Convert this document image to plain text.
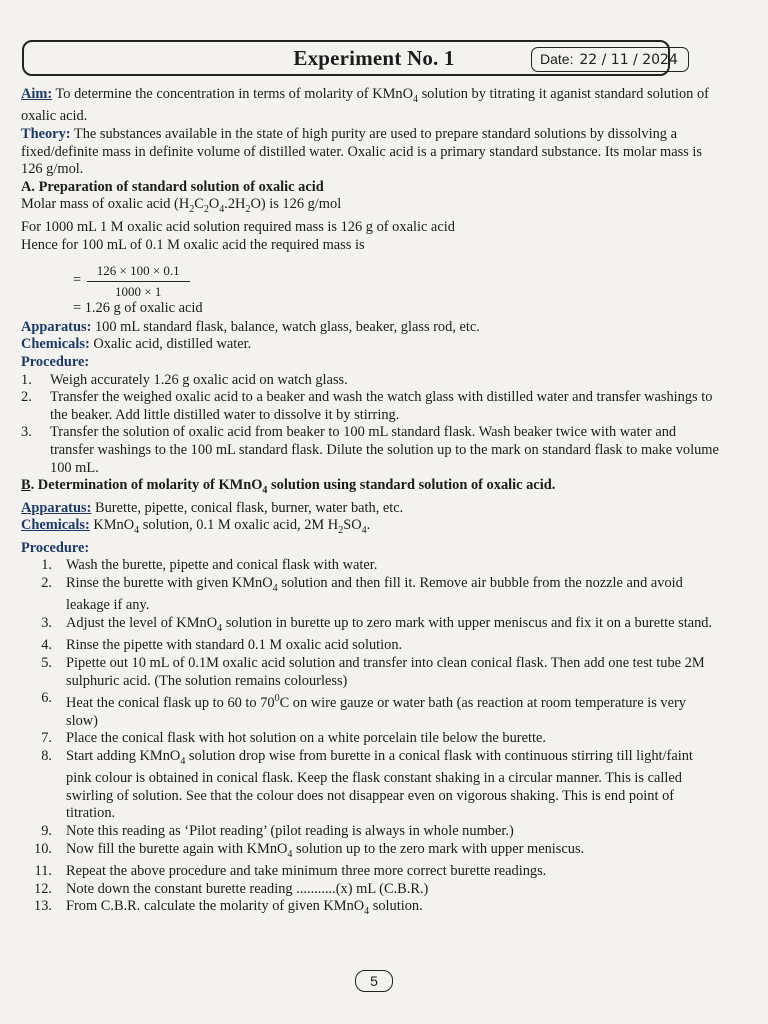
Experiment No. 1	Date: 22 / 11 / 2024

Aim: To determine the concentration in terms of molarity of KMnO$_4$ solution by titrating it aganist standard solution of oxalic acid.

Theory: The substances available in the state of high purity are used to prepare standard solutions by dissolving a fixed/definite mass in definite volume of distilled water. Oxalic acid is a primary standard substance. Its molar mass is 126 g/mol.

A. Preparation of standard solution of oxalic acid

Molar mass of oxalic acid $(H_2C_2O_4.2H_2O)$ is 126 g/mol

For 1000 mL 1 M oxalic acid solution required mass is 126 g of oxalic acid

Hence for 100 mL of 0.1 M oxalic acid the required mass is

= $\frac{126 \times 100 \times 0.1}{1000 \times 1}$

= 1.26 g of oxalic acid

Apparatus: 100 mL standard flask, balance, watch glass, beaker, glass rod, etc.

Chemicals: Oxalic acid, distilled water.

Procedure:

1. Weigh accurately 1.26 g oxalic acid on watch glass.
2. Transfer the weighed oxalic acid to a beaker and wash the watch glass with distilled water and transfer washings to the beaker. Add little distilled water to dissolve it by stirring.
3. Transfer the solution of oxalic acid from beaker to 100 mL standard flask. Wash beaker twice with water and transfer washings to the 100 mL standard flask. Dilute the solution up to the mark on standard flask to make volume 100 mL.

B. Determination of molarity of KMnO$_4$ solution using standard solution of oxalic acid.

Apparatus: Burette, pipette, conical flask, burner, water bath, etc.

Chemicals: KMnO$_4$ solution, 0.1 M oxalic acid, 2M $H_2SO_4$.

Procedure:

1. Wash the burette, pipette and conical flask with water.
2. Rinse the burette with given KMnO$_4$ solution and then fill it. Remove air bubble from the nozzle and avoid leakage if any.
3. Adjust the level of KMnO$_4$ solution in burette up to zero mark with upper meniscus and fix it on a burette stand.
4. Rinse the pipette with standard 0.1 M oxalic acid solution.
5. Pipette out 10 mL of 0.1M oxalic acid solution and transfer into clean conical flask. Then add one test tube 2M sulphuric acid. (The solution remains colourless)
6. Heat the conical flask up to 60 to $70^0C$ on wire gauze or water bath (as reaction at room temperature is very slow)
7. Place the conical flask with hot solution on a white porcelain tile below the burette.
8. Start adding KMnO$_4$ solution drop wise from burette in a conical flask with continuous stirring till light/faint pink colour is obtained in conical flask. Keep the flask constant shaking in a circular manner. This is called swirling of solution. See that the colour does not disappear even on vigorous shaking. This is end point of titration.
9. Note this reading as ‘Pilot reading’ (pilot reading is always in whole number.)
10. Now fill the burette again with KMnO$_4$ solution up to the zero mark with upper meniscus.
11. Repeat the above procedure and take minimum three more correct burette readings.
12. Note down the constant burette reading ...........(x) mL (C.B.R.)
13. From C.B.R. calculate the molarity of given KMnO$_4$ solution.
5
